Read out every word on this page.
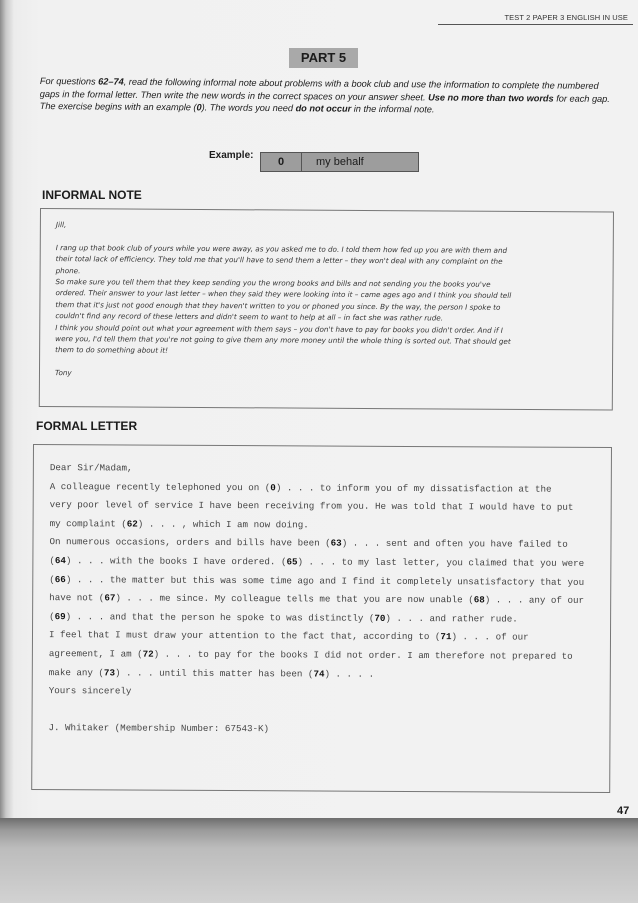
TEST 2 PAPER 3 ENGLISH IN USE
PART 5
For questions 62–74, read the following informal note about problems with a book club and use the information to complete the numbered gaps in the formal letter. Then write the new words in the correct spaces on your answer sheet. Use no more than two words for each gap. The exercise begins with an example (0). The words you need do not occur in the informal note.
Example:
0	my behalf
INFORMAL NOTE
Jill,

I rang up that book club of yours while you were away, as you asked me to do. I told them how fed up you are with them and
their total lack of efficiency. They told me that you'll have to send them a letter – they won't deal with any complaint on the
phone.
So make sure you tell them that they keep sending you the wrong books and bills and not sending you the books you've
ordered. Their answer to your last letter – when they said they were looking into it – came ages ago and I think you should tell
them that it's just not good enough that they haven't written to you or phoned you since. By the way, the person I spoke to
couldn't find any record of these letters and didn't seem to want to help at all – in fact she was rather rude.
I think you should point out what your agreement with them says – you don't have to pay for books you didn't order. And if I
were you, I'd tell them that you're not going to give them any more money until the whole thing is sorted out. That should get
them to do something about it!

Tony
FORMAL LETTER
Dear Sir/Madam,
A colleague recently telephoned you on (0) . . . to inform you of my dissatisfaction at the
very poor level of service I have been receiving from you. He was told that I would have to put
my complaint (62) . . . , which I am now doing.
On numerous occasions, orders and bills have been (63) . . . sent and often you have failed to
(64) . . . with the books I have ordered. (65) . . . to my last letter, you claimed that you were
(66) . . . the matter but this was some time ago and I find it completely unsatisfactory that you
have not (67) . . . me since. My colleague tells me that you are now unable (68) . . . any of our
(69) . . . and that the person he spoke to was distinctly (70) . . . and rather rude.
I feel that I must draw your attention to the fact that, according to (71) . . . of our
agreement, I am (72) . . . to pay for the books I did not order. I am therefore not prepared to
make any (73) . . . until this matter has been (74) . . . .
Yours sincerely
J. Whitaker (Membership Number: 67543-K)
47
